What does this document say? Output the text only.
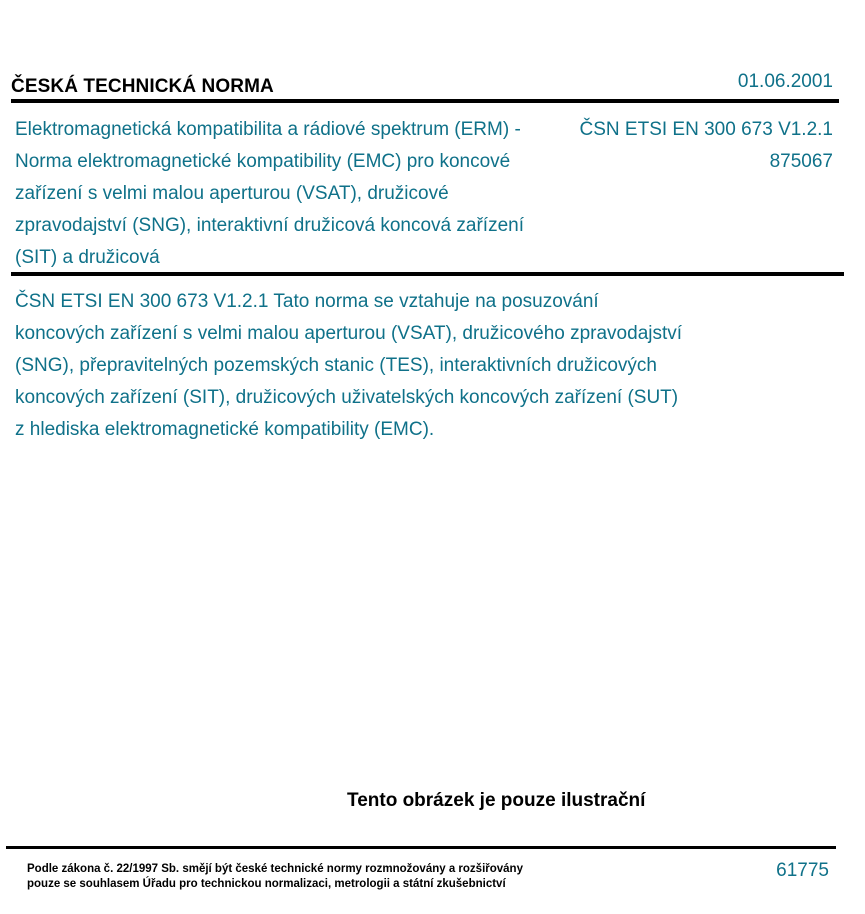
ČESKÁ TECHNICKÁ NORMA	01.06.2001
Elektromagnetická kompatibilita a rádiové spektrum (ERM) - Norma elektromagnetické kompatibility (EMC) pro koncové zařízení s velmi malou aperturou (VSAT), družicové zpravodajství (SNG), interaktivní družicová koncová zařízení (SIT) a družicová
ČSN ETSI EN 300 673 V1.2.1
875067
ČSN ETSI EN 300 673 V1.2.1 Tato norma se vztahuje na posuzování koncových zařízení s velmi malou aperturou (VSAT), družicového zpravodajství (SNG), přepravitelných pozemských stanic (TES), interaktivních družicových koncových zařízení (SIT), družicových uživatelských koncových zařízení (SUT) z hlediska elektromagnetické kompatibility (EMC).
Tento obrázek je pouze ilustrační
Podle zákona č. 22/1997 Sb. smějí být české technické normy rozmnožovány a rozšiřovány
pouze se souhlasem Úřadu pro technickou normalizaci, metrologii a státní zkušebnictví
61775
